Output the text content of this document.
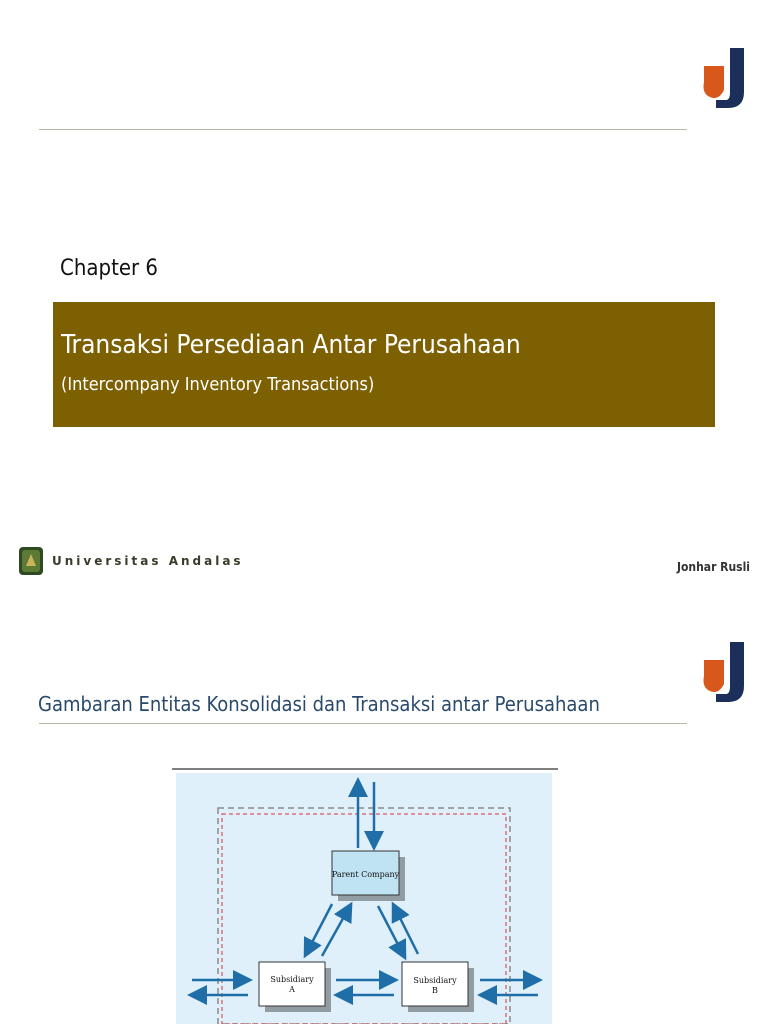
Chapter 6
Transaksi Persediaan Antar Perusahaan
(Intercompany Inventory Transactions)
Universitas Andalas	Jonhar Rusli
Gambaran Entitas Konsolidasi dan Transaksi antar Perusahaan
Parent Company
Subsidiary
A
Subsidiary
B
